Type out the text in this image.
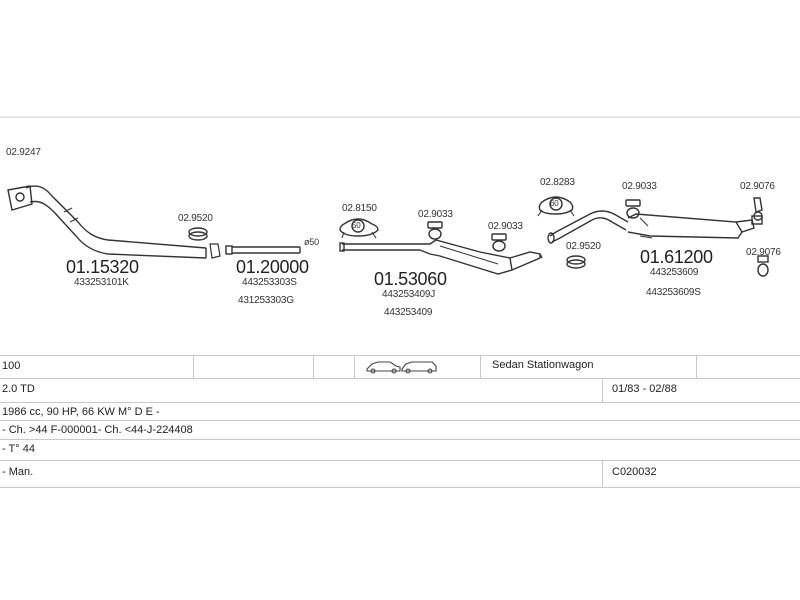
02.9247
01.15320
433253101K
02.9520
01.20000
443253303S
431253303G
ø50
02.8150
50
02.9033
02.9033
01.53060
443253409J
443253409
02.8283
60
02.9033
02.9520
01.61200
443253609
443253609S
02.9076
02.9076
100	Sedan Stationwagon
2.0 TD	01/83 - 02/88
1986 cc, 90 HP, 66 KW M° D E -
- Ch. >44 F-000001- Ch. <44-J-224408
- T° 44
- Man.	C020032
